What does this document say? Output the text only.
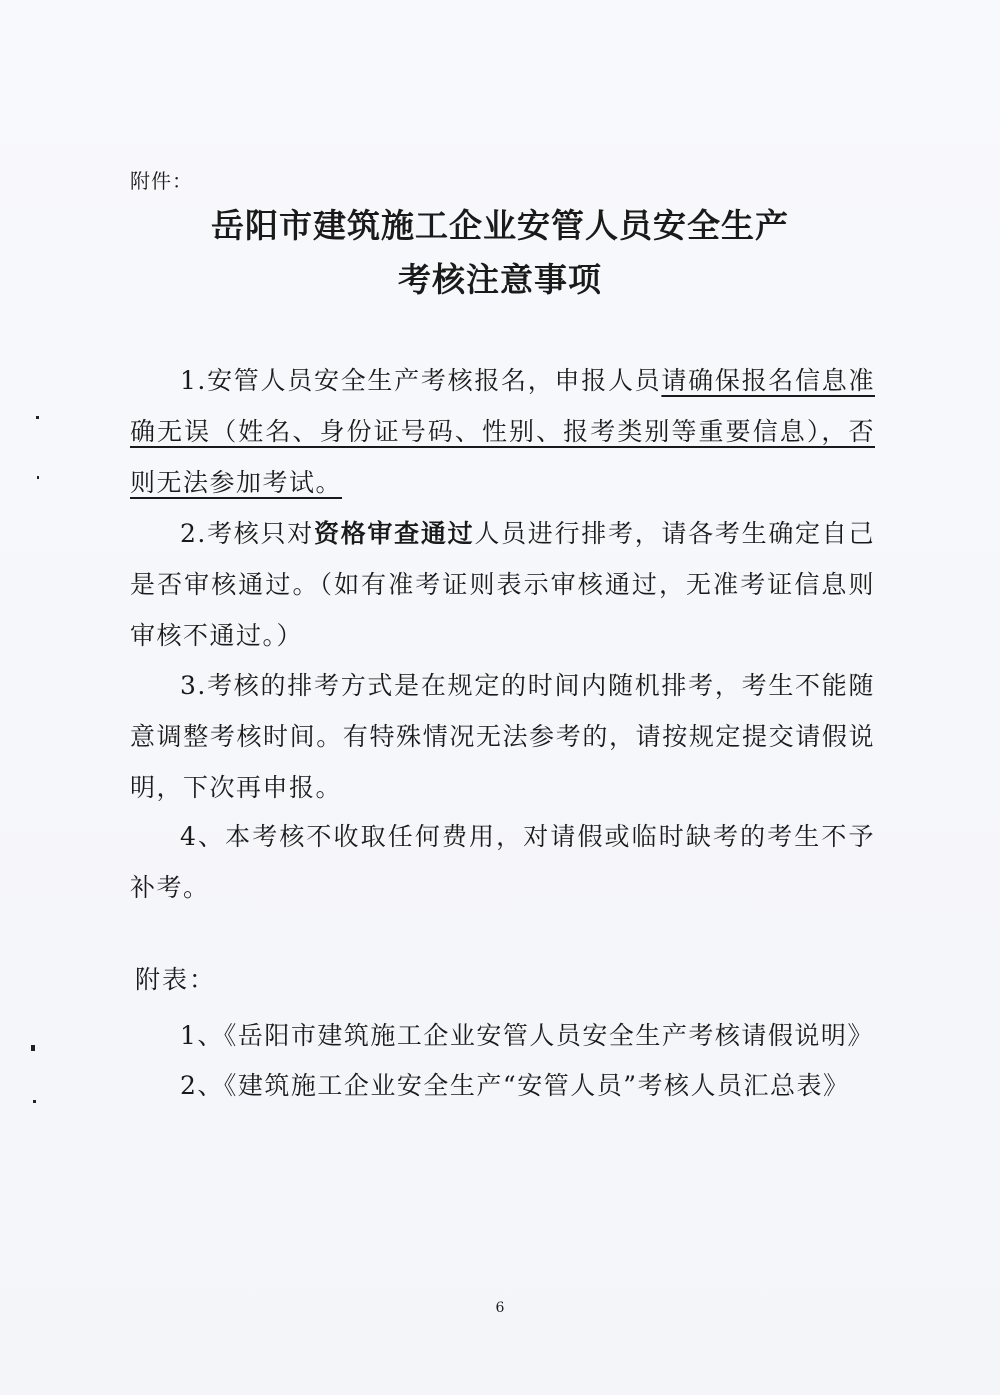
附件：
岳阳市建筑施工企业安管人员安全生产
考核注意事项
1.安管人员安全生产考核报名，申报人员请确保报名信息准确无误（姓名、身份证号码、性别、报考类别等重要信息），否则无法参加考试。
2.考核只对资格审查通过人员进行排考，请各考生确定自己是否审核通过。（如有准考证则表示审核通过，无准考证信息则审核不通过。）
3.考核的排考方式是在规定的时间内随机排考，考生不能随意调整考核时间。有特殊情况无法参考的，请按规定提交请假说明，下次再申报。
4、本考核不收取任何费用，对请假或临时缺考的考生不予补考。
附表：
1、《岳阳市建筑施工企业安管人员安全生产考核请假说明》
2、《建筑施工企业安全生产“安管人员”考核人员汇总表》
6
